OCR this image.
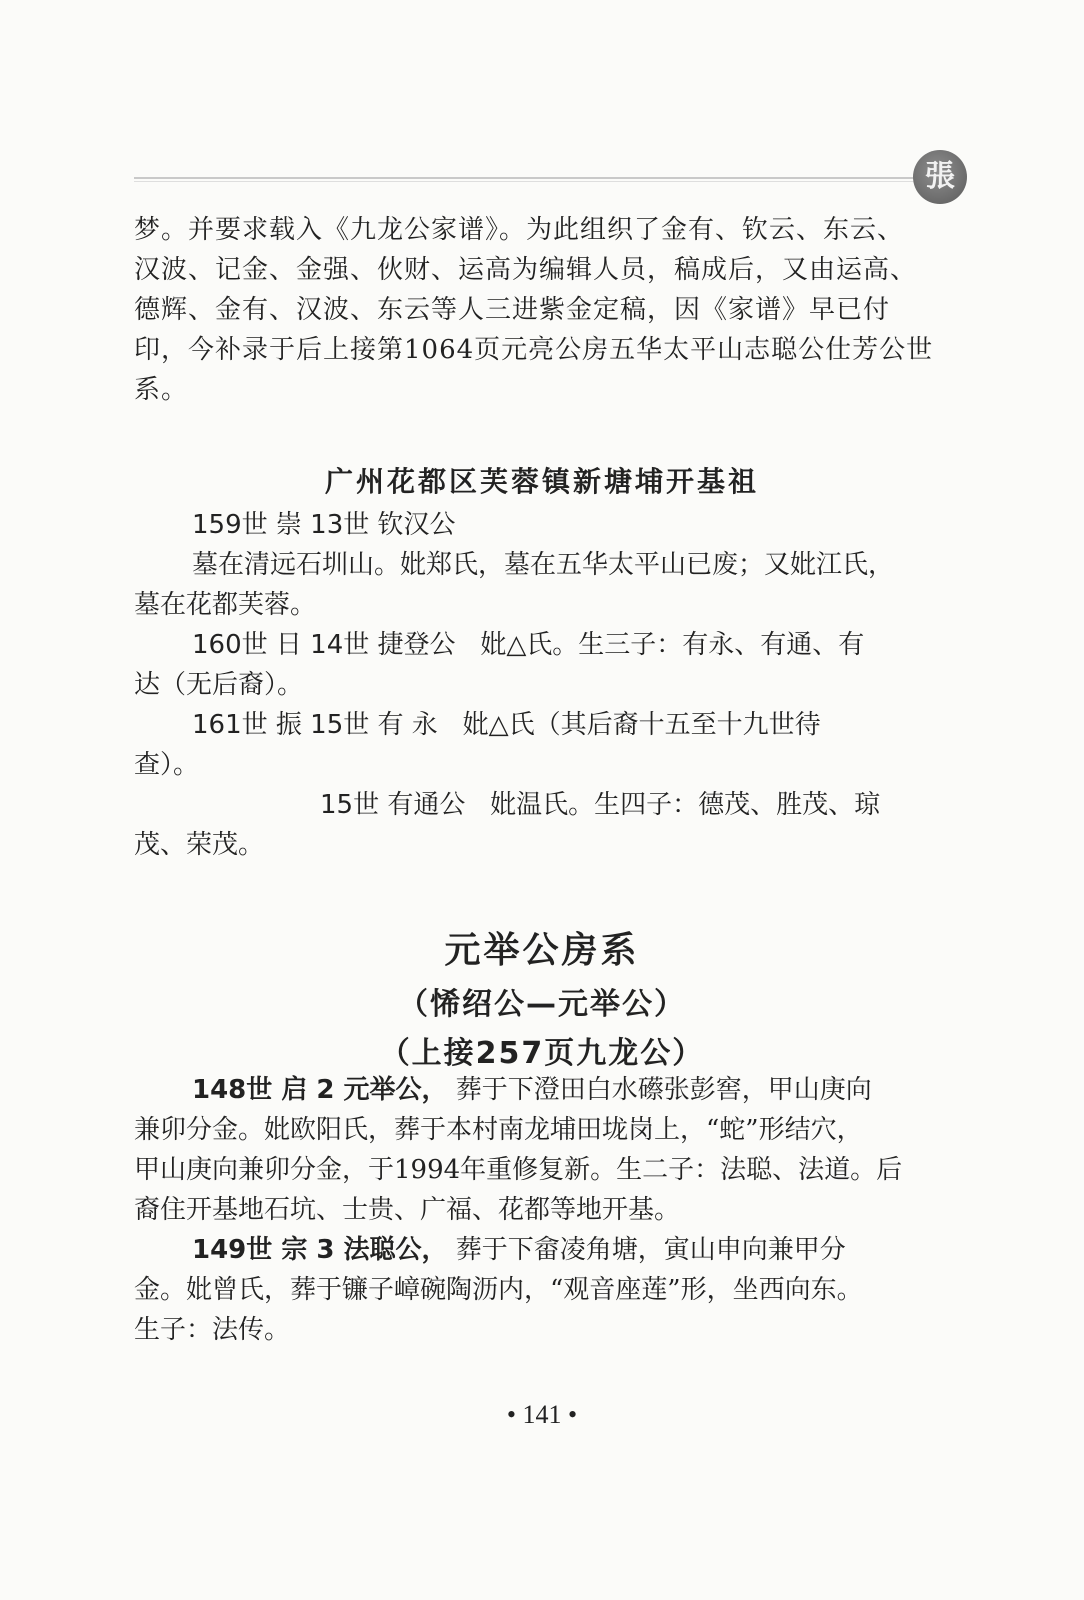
張

梦。并要求载入《九龙公家谱》。为此组织了金有、钦云、东云、
汉波、记金、金强、伙财、运高为编辑人员，稿成后，又由运高、
德辉、金有、汉波、东云等人三进紫金定稿，因《家谱》早已付
印，今补录于后上接第1064页元亮公房五华太平山志聪公仕芳公世
系。

广州花都区芙蓉镇新塘埔开基祖
159世 崇 13世 钦汉公
墓在清远石圳山。妣郑氏，墓在五华太平山已废；又妣江氏，
墓在花都芙蓉。
160世 日 14世 捷登公 妣△氏。生三子：有永、有通、有
达（无后裔）。
161世 振 15世 有 永 妣△氏（其后裔十五至十九世待
查）。
15世 有通公 妣温氏。生四子：德茂、胜茂、琼
茂、荣茂。
元举公房系
（悕绍公—元举公）
（上接257页九龙公）
148世 启 2 元举公， 葬于下澄田白水礤张彭窖，甲山庚向
兼卯分金。妣欧阳氏，葬于本村南龙埔田垅岗上，“蛇”形结穴，
甲山庚向兼卯分金，于1994年重修复新。生二子：法聪、法道。后
裔住开基地石坑、士贵、广福、花都等地开基。
149世 宗 3 法聪公， 葬于下畲凌角塘，寅山申向兼甲分
金。妣曾氏，葬于镰子嶂碗陶沥内，“观音座莲”形，坐西向东。
生子：法传。

• 141 •
